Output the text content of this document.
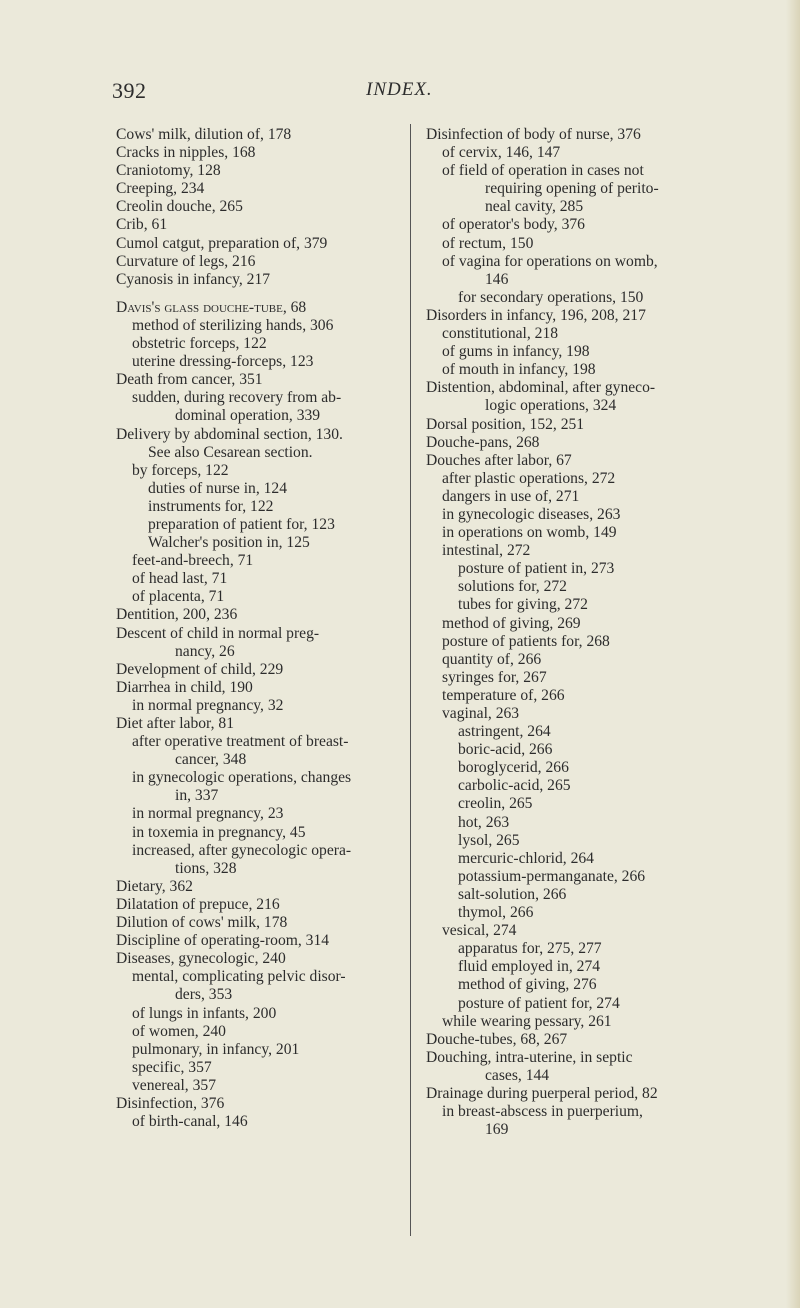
392	INDEX.
Cows' milk, dilution of, 178
Cracks in nipples, 168
Craniotomy, 128
Creeping, 234
Creolin douche, 265
Crib, 61
Cumol catgut, preparation of, 379
Curvature of legs, 216
Cyanosis in infancy, 217
Davis's glass douche-tube, 68
method of sterilizing hands, 306
obstetric forceps, 122
uterine dressing-forceps, 123
Death from cancer, 351
sudden, during recovery from ab-
dominal operation, 339
Delivery by abdominal section, 130.
See also Cesarean section.
by forceps, 122
duties of nurse in, 124
instruments for, 122
preparation of patient for, 123
Walcher's position in, 125
feet-and-breech, 71
of head last, 71
of placenta, 71
Dentition, 200, 236
Descent of child in normal preg-
nancy, 26
Development of child, 229
Diarrhea in child, 190
in normal pregnancy, 32
Diet after labor, 81
after operative treatment of breast-
cancer, 348
in gynecologic operations, changes
in, 337
in normal pregnancy, 23
in toxemia in pregnancy, 45
increased, after gynecologic opera-
tions, 328
Dietary, 362
Dilatation of prepuce, 216
Dilution of cows' milk, 178
Discipline of operating-room, 314
Diseases, gynecologic, 240
mental, complicating pelvic disor-
ders, 353
of lungs in infants, 200
of women, 240
pulmonary, in infancy, 201
specific, 357
venereal, 357
Disinfection, 376
of birth-canal, 146
Disinfection of body of nurse, 376
of cervix, 146, 147
of field of operation in cases not
requiring opening of perito-
neal cavity, 285
of operator's body, 376
of rectum, 150
of vagina for operations on womb,
146
for secondary operations, 150
Disorders in infancy, 196, 208, 217
constitutional, 218
of gums in infancy, 198
of mouth in infancy, 198
Distention, abdominal, after gyneco-
logic operations, 324
Dorsal position, 152, 251
Douche-pans, 268
Douches after labor, 67
after plastic operations, 272
dangers in use of, 271
in gynecologic diseases, 263
in operations on womb, 149
intestinal, 272
posture of patient in, 273
solutions for, 272
tubes for giving, 272
method of giving, 269
posture of patients for, 268
quantity of, 266
syringes for, 267
temperature of, 266
vaginal, 263
astringent, 264
boric-acid, 266
boroglycerid, 266
carbolic-acid, 265
creolin, 265
hot, 263
lysol, 265
mercuric-chlorid, 264
potassium-permanganate, 266
salt-solution, 266
thymol, 266
vesical, 274
apparatus for, 275, 277
fluid employed in, 274
method of giving, 276
posture of patient for, 274
while wearing pessary, 261
Douche-tubes, 68, 267
Douching, intra-uterine, in septic
cases, 144
Drainage during puerperal period, 82
in breast-abscess in puerperium,
169
